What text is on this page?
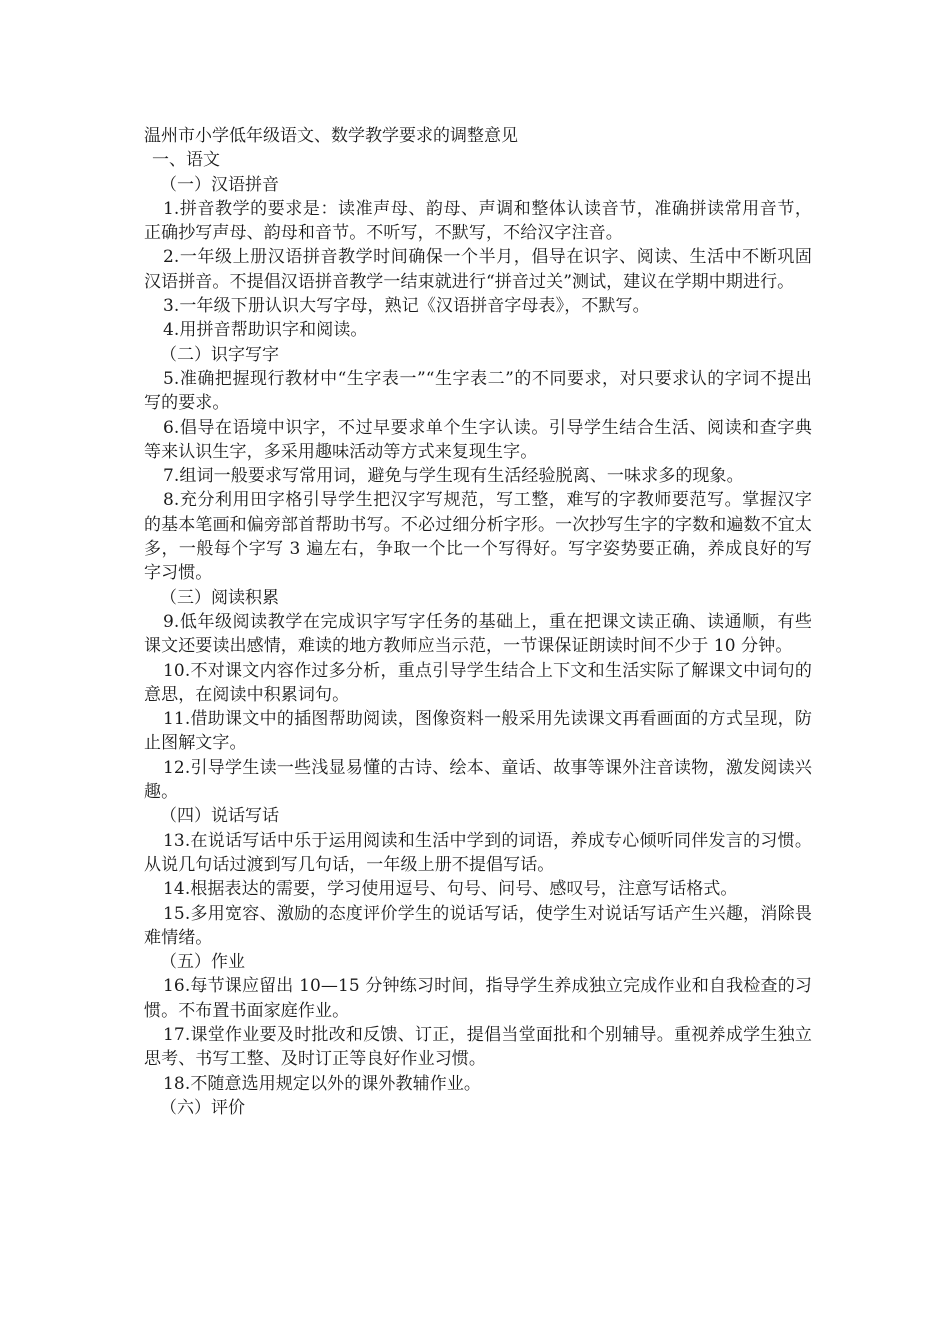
温州市小学低年级语文、数学教学要求的调整意见
一、语文
（一）汉语拼音

1.拼音教学的要求是：读准声母、韵母、声调和整体认读音节，准确拼读常用音节，正确抄写声母、韵母和音节。不听写，不默写，不给汉字注音。

2.一年级上册汉语拼音教学时间确保一个半月，倡导在识字、阅读、生活中不断巩固汉语拼音。不提倡汉语拼音教学一结束就进行“拼音过关”测试，建议在学期中期进行。

3.一年级下册认识大写字母，熟记《汉语拼音字母表》，不默写。

4.用拼音帮助识字和阅读。

（二）识字写字

5.准确把握现行教材中“生字表一”“生字表二”的不同要求，对只要求认的字词不提出写的要求。

6.倡导在语境中识字，不过早要求单个生字认读。引导学生结合生活、阅读和查字典等来认识生字，多采用趣味活动等方式来复现生字。

7.组词一般要求写常用词，避免与学生现有生活经验脱离、一味求多的现象。

8.充分利用田字格引导学生把汉字写规范，写工整，难写的字教师要范写。掌握汉字的基本笔画和偏旁部首帮助书写。不必过细分析字形。一次抄写生字的字数和遍数不宜太多，一般每个字写 3 遍左右，争取一个比一个写得好。写字姿势要正确，养成良好的写字习惯。

（三）阅读积累

9.低年级阅读教学在完成识字写字任务的基础上，重在把课文读正确、读通顺，有些课文还要读出感情，难读的地方教师应当示范，一节课保证朗读时间不少于 10 分钟。

10.不对课文内容作过多分析，重点引导学生结合上下文和生活实际了解课文中词句的意思，在阅读中积累词句。

11.借助课文中的插图帮助阅读，图像资料一般采用先读课文再看画面的方式呈现，防止图解文字。

12.引导学生读一些浅显易懂的古诗、绘本、童话、故事等课外注音读物，激发阅读兴趣。

（四）说话写话

13.在说话写话中乐于运用阅读和生活中学到的词语，养成专心倾听同伴发言的习惯。从说几句话过渡到写几句话，一年级上册不提倡写话。

14.根据表达的需要，学习使用逗号、句号、问号、感叹号，注意写话格式。

15.多用宽容、激励的态度评价学生的说话写话，使学生对说话写话产生兴趣，消除畏难情绪。

（五）作业

16.每节课应留出 10—15 分钟练习时间，指导学生养成独立完成作业和自我检查的习惯。不布置书面家庭作业。

17.课堂作业要及时批改和反馈、订正，提倡当堂面批和个别辅导。重视养成学生独立思考、书写工整、及时订正等良好作业习惯。

18.不随意选用规定以外的课外教辅作业。

（六）评价
